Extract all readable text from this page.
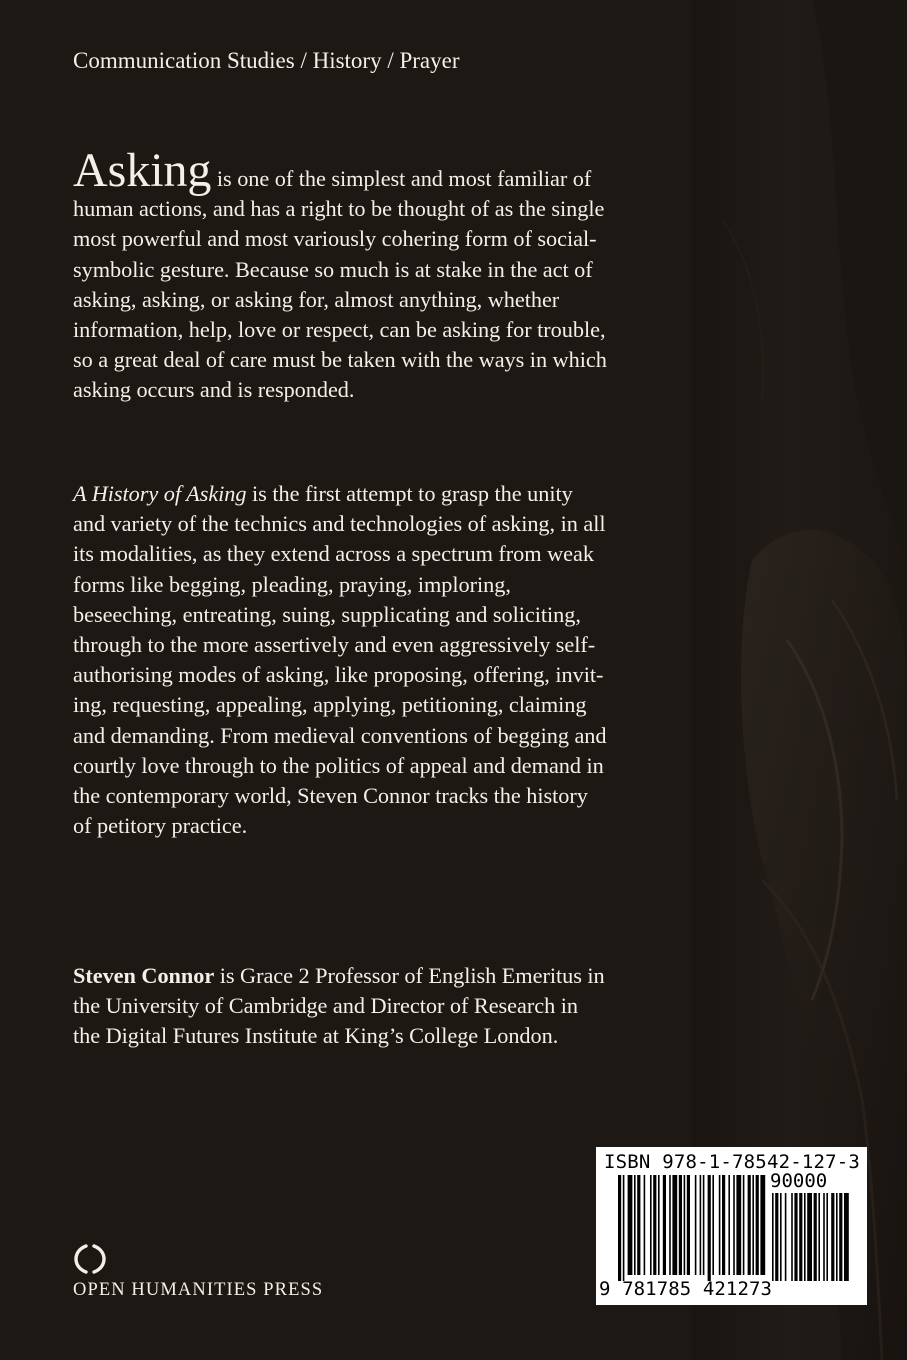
Communication Studies / History / Prayer

Asking is one of the simplest and most familiar of human actions, and has a right to be thought of as the single most powerful and most variously cohering form of social-symbolic gesture. Because so much is at stake in the act of asking, asking, or asking for, almost anything, whether information, help, love or respect, can be asking for trouble, so a great deal of care must be taken with the ways in which asking occurs and is responded.

A History of Asking is the first attempt to grasp the unity and variety of the technics and technologies of asking, in all its modalities, as they extend across a spectrum from weak forms like begging, pleading, praying, imploring, beseeching, entreating, suing, supplicating and soliciting, through to the more assertively and even aggressively self-authorising modes of asking, like proposing, offering, inviting, requesting, appealing, applying, petitioning, claiming and demanding. From medieval conventions of begging and courtly love through to the politics of appeal and demand in the contemporary world, Steven Connor tracks the history of petitory practice.

Steven Connor is Grace 2 Professor of English Emeritus in the University of Cambridge and Director of Research in the Digital Futures Institute at King’s College London.

OPEN HUMANITIES PRESS
ISBN 978-1-78542-127-3
90000
9 781785 421273
